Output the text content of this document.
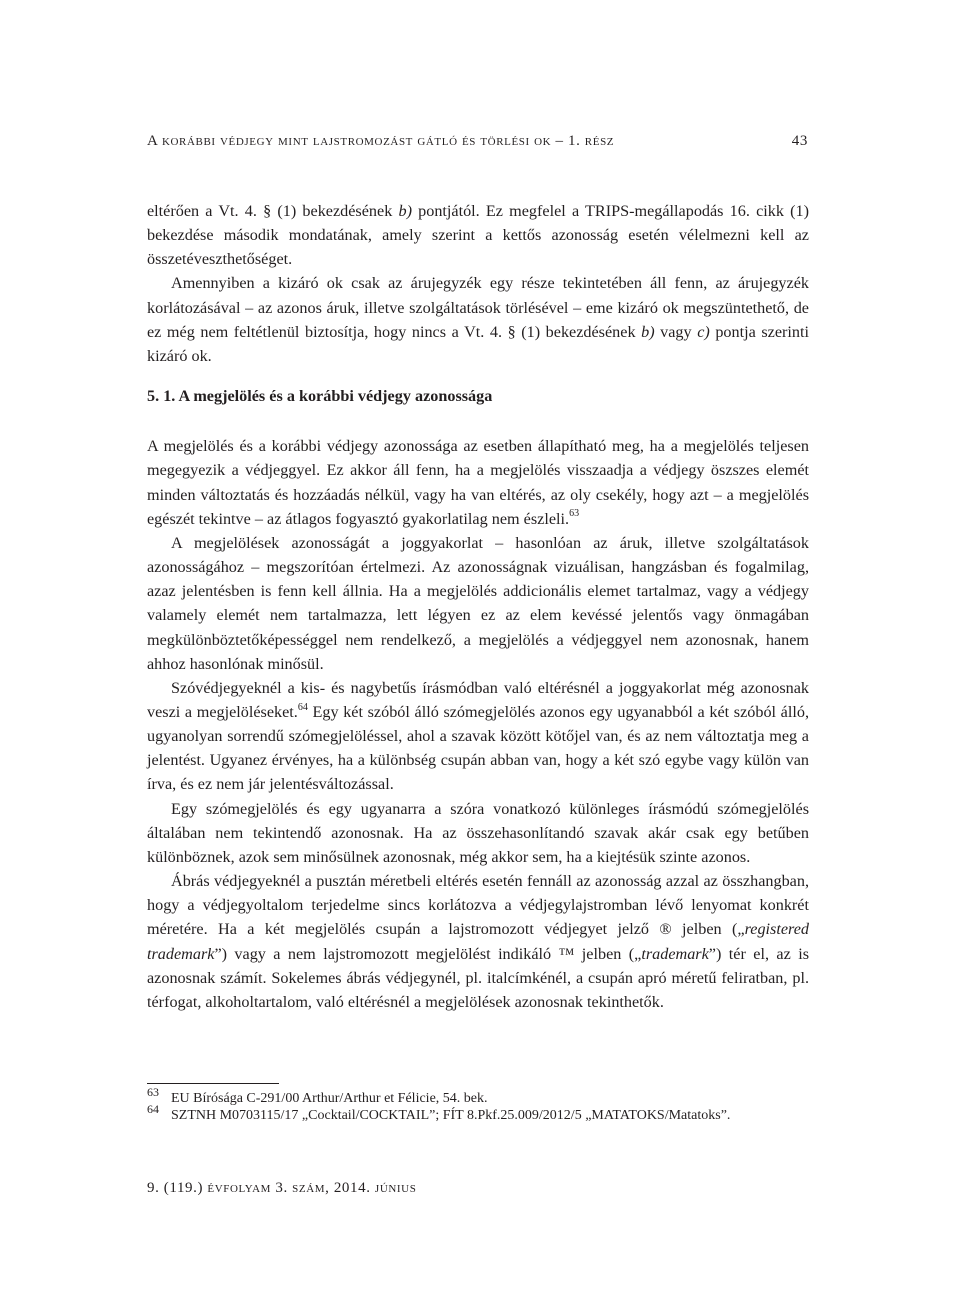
A korábbi védjegy mint lajstromozást gátló és törlési ok – 1. rész	43

eltérően a Vt. 4. § (1) bekezdésének b) pontjától. Ez megfelel a TRIPS-megállapodás 16. cikk (1) bekezdése második mondatának, amely szerint a kettős azonosság esetén vélelmezni kell az összetéveszthetőséget.

Amennyiben a kizáró ok csak az árujegyzék egy része tekintetében áll fenn, az árujegyzék korlátozásával – az azonos áruk, illetve szolgáltatások törlésével – eme kizáró ok megszüntethető, de ez még nem feltétlenül biztosítja, hogy nincs a Vt. 4. § (1) bekezdésének b) vagy c) pontja szerinti kizáró ok.

5. 1. A megjelölés és a korábbi védjegy azonossága

A megjelölés és a korábbi védjegy azonossága az esetben állapítható meg, ha a megjelölés teljesen megegyezik a védjeggyel. Ez akkor áll fenn, ha a megjelölés visszaadja a védjegy öszszes elemét minden változtatás és hozzáadás nélkül, vagy ha van eltérés, az oly csekély, hogy azt – a megjelölés egészét tekintve – az átlagos fogyasztó gyakorlatilag nem észleli.$^{63}$

A megjelölések azonosságát a joggyakorlat – hasonlóan az áruk, illetve szolgáltatások azonosságához – megszorítóan értelmezi. Az azonosságnak vizuálisan, hangzásban és fogalmilag, azaz jelentésben is fenn kell állnia. Ha a megjelölés addicionális elemet tartalmaz, vagy a védjegy valamely elemét nem tartalmazza, lett légyen ez az elem kevéssé jelentős vagy önmagában megkülönböztetőképességgel nem rendelkező, a megjelölés a védjeggyel nem azonosnak, hanem ahhoz hasonlónak minősül.

Szóvédjegyeknél a kis- és nagybetűs írásmódban való eltérésnél a joggyakorlat még azonosnak veszi a megjelöléseket.$^{64}$ Egy két szóból álló szómegjelölés azonos egy ugyanabból a két szóból álló, ugyanolyan sorrendű szómegjelöléssel, ahol a szavak között kötőjel van, és az nem változtatja meg a jelentést. Ugyanez érvényes, ha a különbség csupán abban van, hogy a két szó egybe vagy külön van írva, és ez nem jár jelentésváltozással.

Egy szómegjelölés és egy ugyanarra a szóra vonatkozó különleges írásmódú szómegjelölés általában nem tekintendő azonosnak. Ha az összehasonlítandó szavak akár csak egy betűben különböznek, azok sem minősülnek azonosnak, még akkor sem, ha a kiejtésük szinte azonos.

Ábrás védjegyeknél a pusztán méretbeli eltérés esetén fennáll az azonosság azzal az összhangban, hogy a védjegyoltalom terjedelme sincs korlátozva a védjegylajstromban lévő lenyomat konkrét méretére. Ha a két megjelölés csupán a lajstromozott védjegyet jelző ® jelben („registered trademark”) vagy a nem lajstromozott megjelölést indikáló ™ jelben („trademark”) tér el, az is azonosnak számít. Sokelemes ábrás védjegynél, pl. italcímkénél, a csupán apró méretű feliratban, pl. térfogat, alkoholtartalom, való eltérésnél a megjelölések azonosnak tekinthetők.

63 EU Bírósága C-291/00 Arthur/Arthur et Félicie, 54. bek.

64 SZTNH M0703115/17 „Cocktail/COCKTAIL”; FÍT 8.Pkf.25.009/2012/5 „MATATOKS/Matatoks”.

9. (119.) évfolyam 3. szám, 2014. június
